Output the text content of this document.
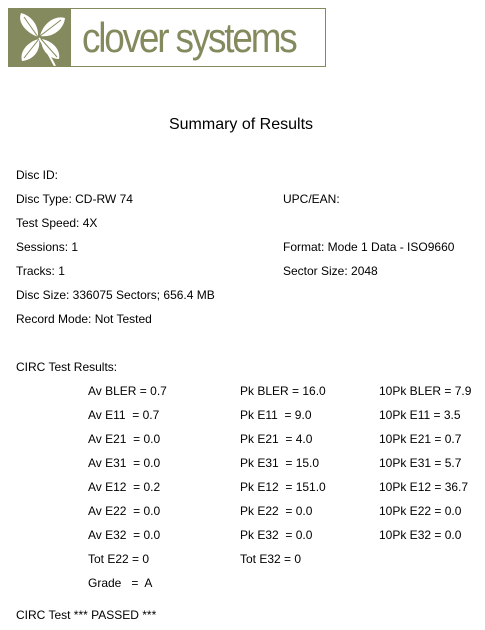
clover systems
Summary of Results
Disc ID:
Disc Type: CD-RW 74	UPC/EAN:
Test Speed: 4X
Sessions: 1	Format: Mode 1 Data - ISO9660
Tracks: 1	Sector Size: 2048
Disc Size: 336075 Sectors; 656.4 MB
Record Mode: Not Tested
CIRC Test Results:
Av BLER = 0.7	Pk BLER = 16.0	10Pk BLER = 7.9
Av E11  = 0.7	Pk E11  = 9.0	10Pk E11 = 3.5
Av E21  = 0.0	Pk E21  = 4.0	10Pk E21 = 0.7
Av E31  = 0.0	Pk E31  = 15.0	10Pk E31 = 5.7
Av E12  = 0.2	Pk E12  = 151.0	10Pk E12 = 36.7
Av E22  = 0.0	Pk E22  = 0.0	10Pk E22 = 0.0
Av E32  = 0.0	Pk E32  = 0.0	10Pk E32 = 0.0
Tot E22 = 0	Tot E32 = 0
Grade   =  A
CIRC Test *** PASSED ***
